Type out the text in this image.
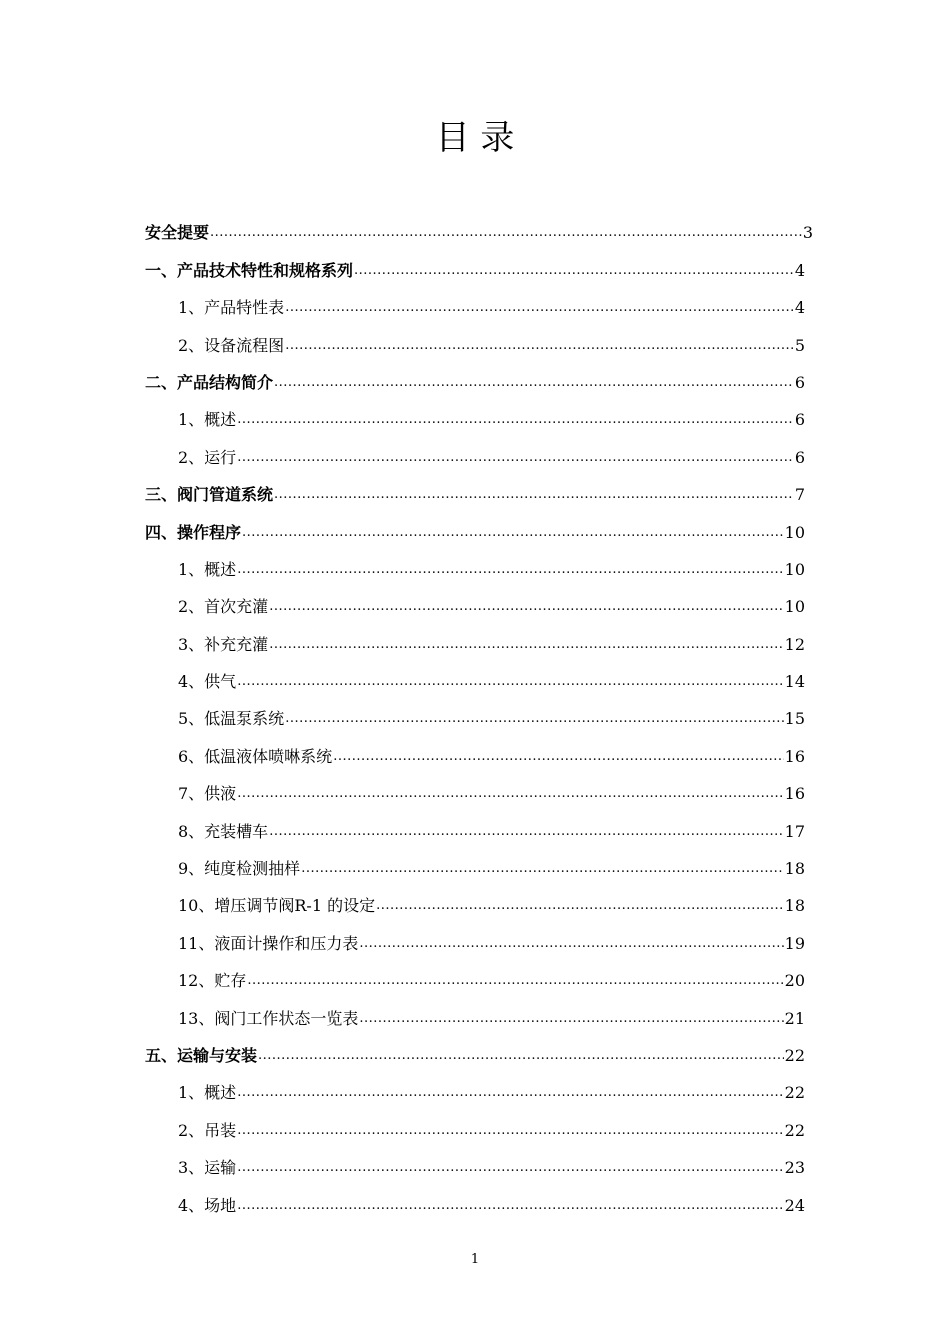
目 录
安全提要 .....	3
一、产品技术特性和规格系列 .....	4
1、产品特性表 .....	4
2、设备流程图 .....	5
二、产品结构简介 .....	6
1、概述 .....	6
2、运行 .....	6
三、阀门管道系统 .....	7
四、操作程序 .....	10
1、概述 .....	10
2、首次充灌 .....	10
3、补充充灌 .....	12
4、供气 .....	14
5、低温泵系统 .....	15
6、低温液体喷啉系统 .....	16
7、供液 .....	16
8、充装槽车 .....	17
9、纯度检测抽样 .....	18
10、增压调节阀R-1 的设定 .....	18
11、液面计操作和压力表 .....	19
12、贮存 .....	20
13、阀门工作状态一览表 .....	21
五、运输与安装 .....	22
1、概述 .....	22
2、吊装 .....	22
3、运输 .....	23
4、场地 .....	24
1
